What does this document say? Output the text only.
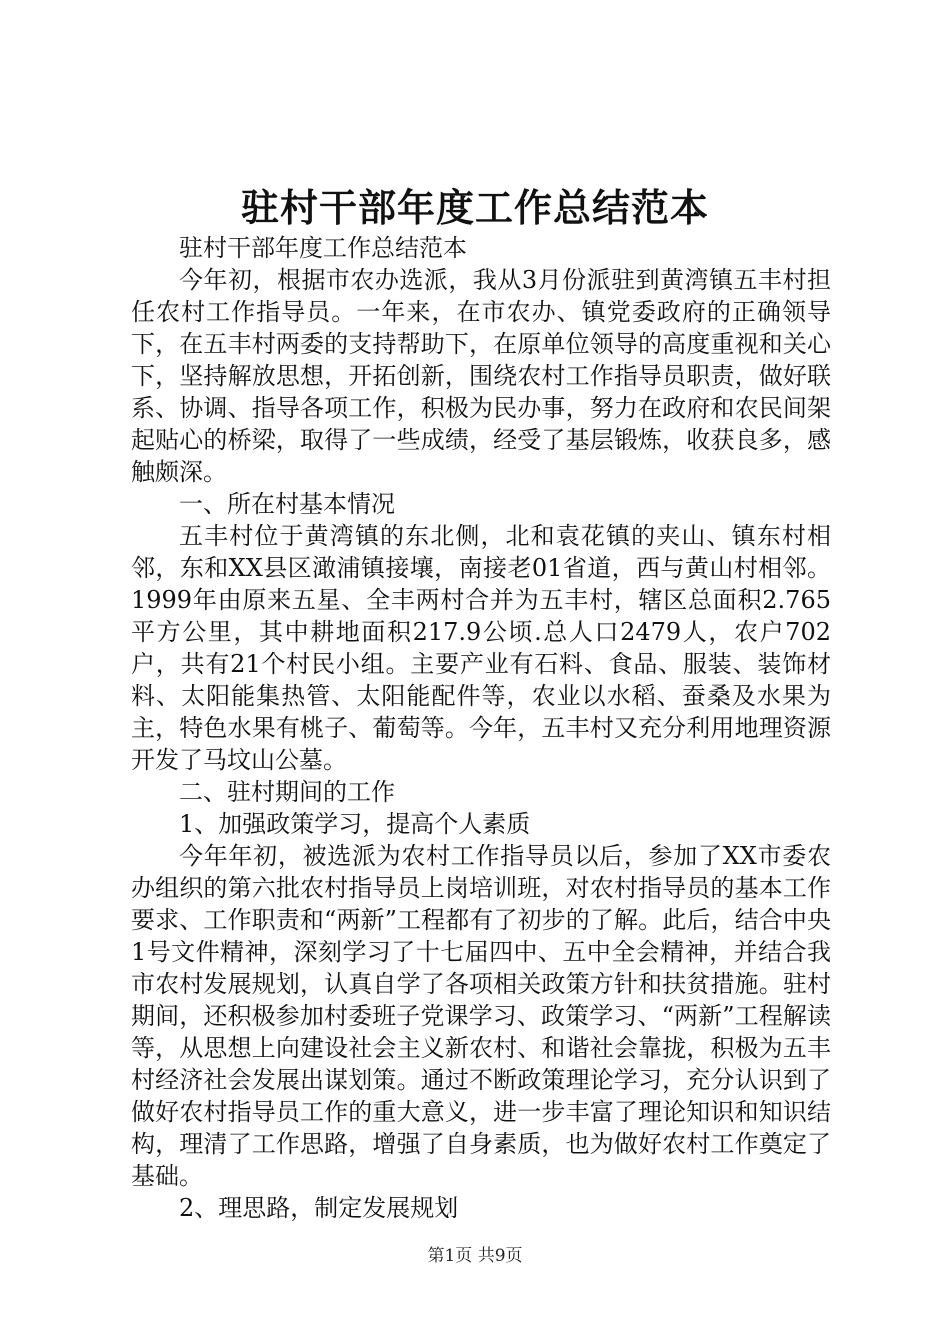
驻村干部年度工作总结范本

驻村干部年度工作总结范本

今年初，根据市农办选派，我从3月份派驻到黄湾镇五丰村担任农村工作指导员。一年来，在市农办、镇党委政府的正确领导下，在五丰村两委的支持帮助下，在原单位领导的高度重视和关心下，坚持解放思想，开拓创新，围绕农村工作指导员职责，做好联系、协调、指导各项工作，积极为民办事，努力在政府和农民间架起贴心的桥梁，取得了一些成绩，经受了基层锻炼，收获良多，感触颇深。

一、所在村基本情况

五丰村位于黄湾镇的东北侧，北和袁花镇的夹山、镇东村相邻，东和XX县区澉浦镇接壤，南接老01省道，西与黄山村相邻。1999年由原来五星、全丰两村合并为五丰村，辖区总面积2.765平方公里，其中耕地面积217.9公顷.总人口2479人，农户702户，共有21个村民小组。主要产业有石料、食品、服装、装饰材料、太阳能集热管、太阳能配件等，农业以水稻、蚕桑及水果为主，特色水果有桃子、葡萄等。今年，五丰村又充分利用地理资源开发了马坟山公墓。

二、驻村期间的工作

1、加强政策学习，提高个人素质

今年年初，被选派为农村工作指导员以后，参加了XX市委农办组织的第六批农村指导员上岗培训班，对农村指导员的基本工作要求、工作职责和“两新”工程都有了初步的了解。此后，结合中央1号文件精神，深刻学习了十七届四中、五中全会精神，并结合我市农村发展规划，认真自学了各项相关政策方针和扶贫措施。驻村期间，还积极参加村委班子党课学习、政策学习、“两新”工程解读等，从思想上向建设社会主义新农村、和谐社会靠拢，积极为五丰村经济社会发展出谋划策。通过不断政策理论学习，充分认识到了做好农村指导员工作的重大意义，进一步丰富了理论知识和知识结构，理清了工作思路，增强了自身素质，也为做好农村工作奠定了基础。

2、理思路，制定发展规划

第1页 共9页
